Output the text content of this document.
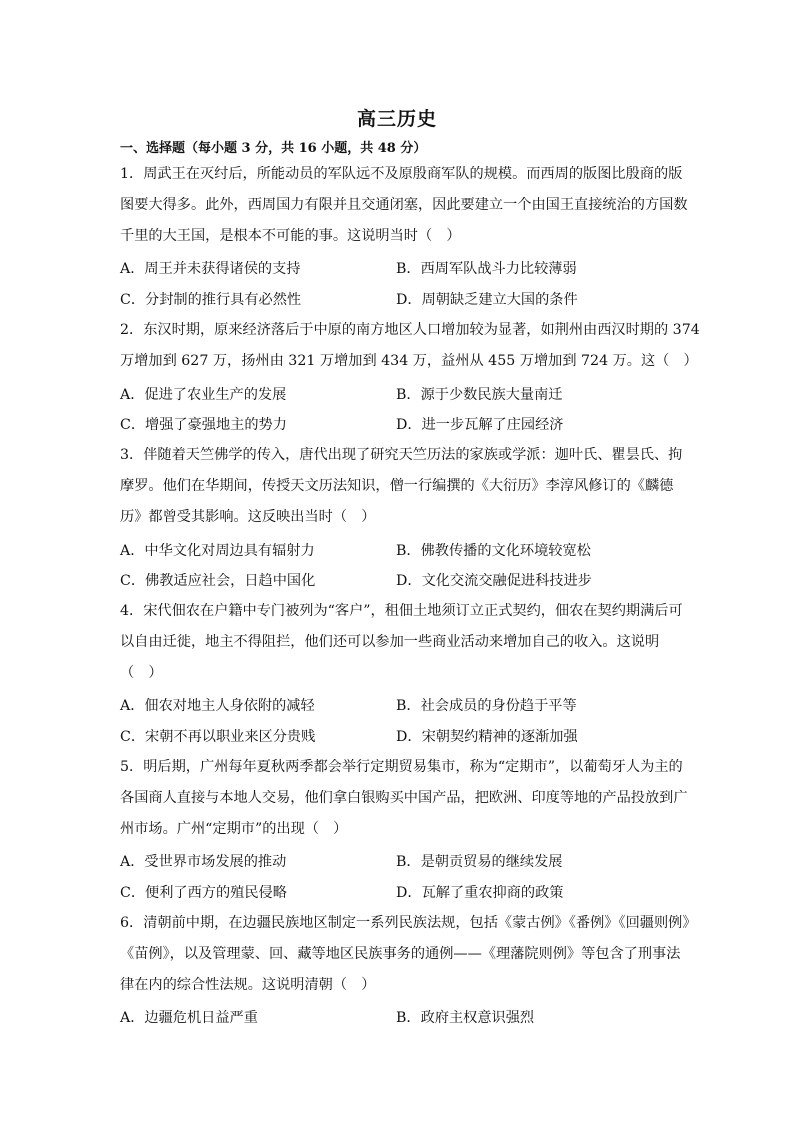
高三历史
一、选择题（每小题 3 分，共 16 小题，共 48 分）

1．周武王在灭纣后，所能动员的军队远不及原殷商军队的规模。而西周的版图比殷商的版

图要大得多。此外，西周国力有限并且交通闭塞，因此要建立一个由国王直接统治的方国数

千里的大王国，是根本不可能的事。这说明当时（　）

A．周王并未获得诸侯的支持	B．西周军队战斗力比较薄弱
C．分封制的推行具有必然性	D．周朝缺乏建立大国的条件

2．东汉时期，原来经济落后于中原的南方地区人口增加较为显著，如荆州由西汉时期的 374

万增加到 627 万，扬州由 321 万增加到 434 万，益州从 455 万增加到 724 万。这（　）

A．促进了农业生产的发展	B．源于少数民族大量南迁
C．增强了豪强地主的势力	D．进一步瓦解了庄园经济

3．伴随着天竺佛学的传入，唐代出现了研究天竺历法的家族或学派：迦叶氏、瞿昙氏、拘

摩罗。他们在华期间，传授天文历法知识，僧一行编撰的《大衍历》李淳风修订的《麟德

历》都曾受其影响。这反映出当时（　）

A．中华文化对周边具有辐射力	B．佛教传播的文化环境较宽松
C．佛教适应社会，日趋中国化	D．文化交流交融促进科技进步

4．宋代佃农在户籍中专门被列为“客户”，租佃土地须订立正式契约，佃农在契约期满后可

以自由迁徙，地主不得阻拦，他们还可以参加一些商业活动来增加自己的收入。这说明

（　）

A．佃农对地主人身依附的减轻	B．社会成员的身份趋于平等
C．宋朝不再以职业来区分贵贱	D．宋朝契约精神的逐渐加强

5．明后期，广州每年夏秋两季都会举行定期贸易集市，称为“定期市”，以葡萄牙人为主的

各国商人直接与本地人交易，他们拿白银购买中国产品，把欧洲、印度等地的产品投放到广

州市场。广州“定期市”的出现（　）

A．受世界市场发展的推动	B．是朝贡贸易的继续发展
C．便利了西方的殖民侵略	D．瓦解了重农抑商的政策

6．清朝前中期，在边疆民族地区制定一系列民族法规，包括《蒙古例》《番例》《回疆则例》

《苗例》，以及管理蒙、回、藏等地区民族事务的通例——《理藩院则例》等包含了刑事法

律在内的综合性法规。这说明清朝（　）

A．边疆危机日益严重	B．政府主权意识强烈
